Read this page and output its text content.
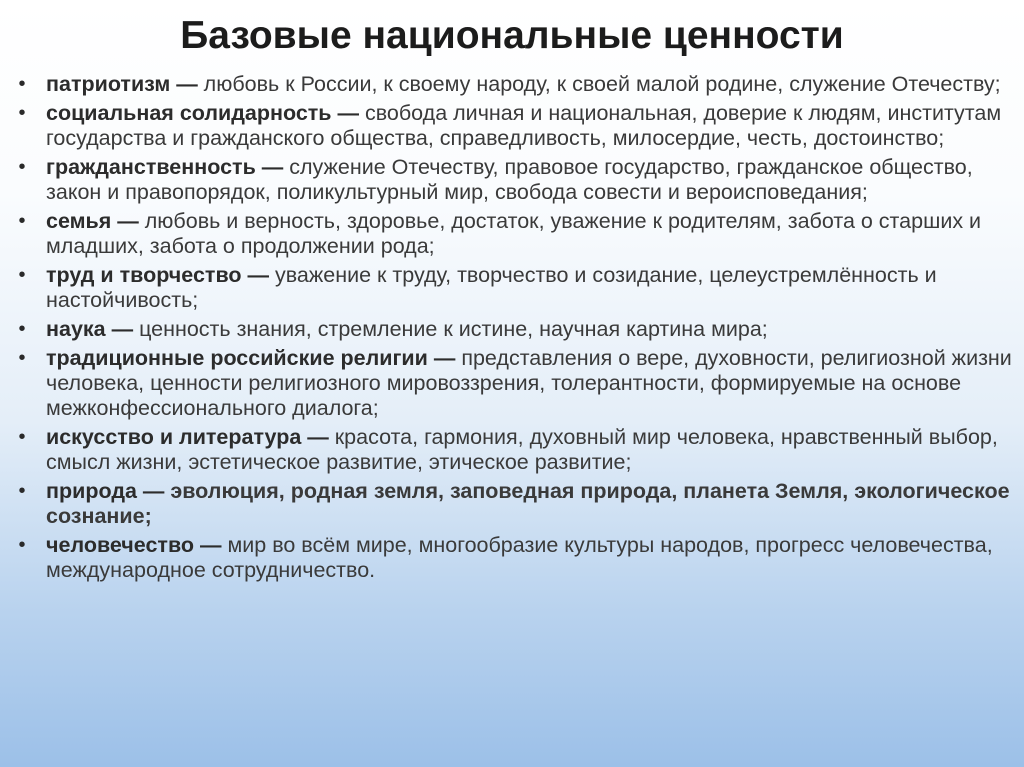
Базовые национальные ценности
• патриотизм — любовь к России, к своему народу, к своей малой родине, служение Отечеству;
• социальная солидарность — свобода личная и национальная, доверие к людям, институтам государства и гражданского общества, справедливость, милосердие, честь, достоинство;
• гражданственность — служение Отечеству, правовое государство, гражданское общество, закон и правопорядок, поликультурный мир, свобода совести и вероисповедания;
• семья — любовь и верность, здоровье, достаток, уважение к родителям, забота о старших и младших, забота о продолжении рода;
• труд и творчество — уважение к труду, творчество и созидание, целеустремлённость и настойчивость;
• наука — ценность знания, стремление к истине, научная картина мира;
• традиционные российские религии — представления о вере, духовности, религиозной жизни человека, ценности религиозного мировоззрения, толерантности, формируемые на основе межконфессионального диалога;
• искусство и литература — красота, гармония, духовный мир человека, нравственный выбор, смысл жизни, эстетическое развитие, этическое развитие;
• природа — эволюция, родная земля, заповедная природа, планета Земля, экологическое сознание;
• человечество — мир во всём мире, многообразие культуры народов, прогресс человечества, международное сотрудничество.
